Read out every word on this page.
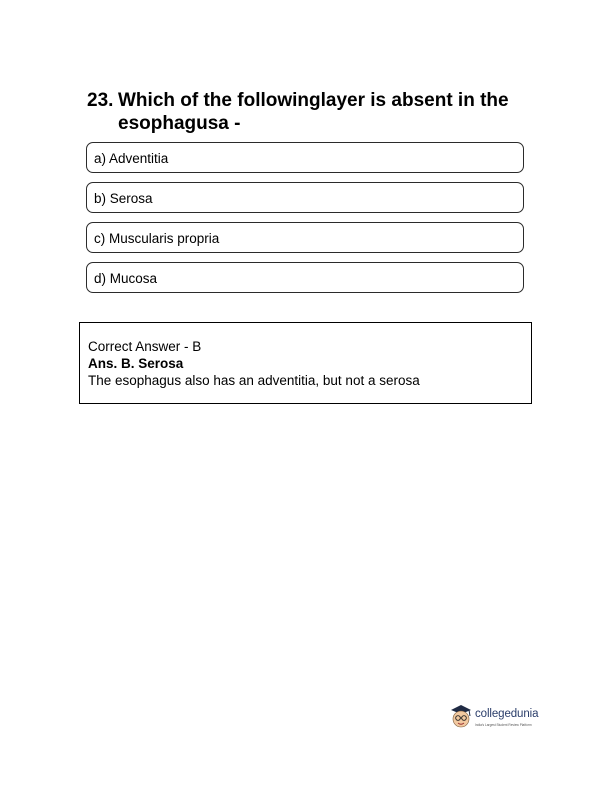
23. Which of the followinglayer is absent in the esophagusa -
a) Adventitia
b) Serosa
c) Muscularis propria
d) Mucosa
Correct Answer - B
Ans. B. Serosa
The esophagus also has an adventitia, but not a serosa
collegedunia
India's Largest Student Review Platform
